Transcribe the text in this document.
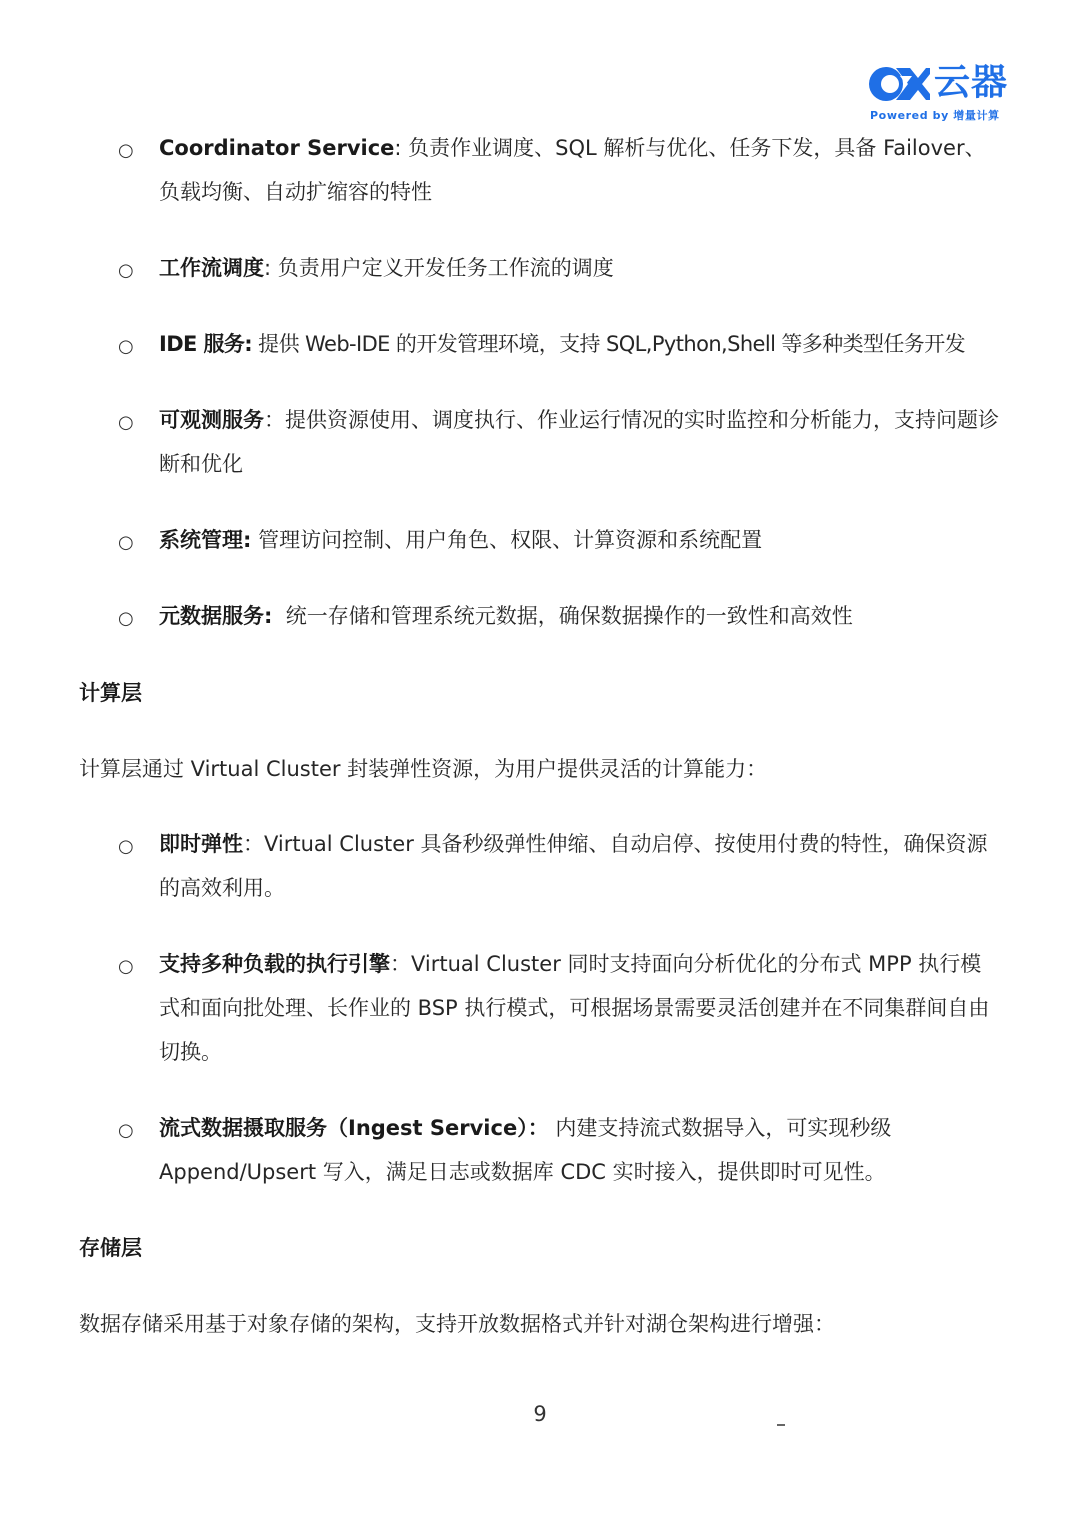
云器
Powered by 增量计算
○ Coordinator Service: 负责作业调度、SQL 解析与优化、任务下发，具备 Failover、负载均衡、自动扩缩容的特性
○ 工作流调度: 负责用户定义开发任务工作流的调度
○ IDE 服务: 提供 Web-IDE 的开发管理环境，支持 SQL,Python,Shell 等多种类型任务开发
○ 可观测服务：提供资源使用、调度执行、作业运行情况的实时监控和分析能力，支持问题诊断和优化
○ 系统管理: 管理访问控制、用户角色、权限、计算资源和系统配置
○ 元数据服务:  统一存储和管理系统元数据，确保数据操作的一致性和高效性
计算层
计算层通过 Virtual Cluster 封装弹性资源，为用户提供灵活的计算能力：
○ 即时弹性：Virtual Cluster 具备秒级弹性伸缩、自动启停、按使用付费的特性，确保资源的高效利用。
○ 支持多种负载的执行引擎：Virtual Cluster 同时支持面向分析优化的分布式 MPP 执行模式和面向批处理、长作业的 BSP 执行模式，可根据场景需要灵活创建并在不同集群间自由切换。
○ 流式数据摄取服务（Ingest Service）： 内建支持流式数据导入，可实现秒级 Append/Upsert 写入，满足日志或数据库 CDC 实时接入，提供即时可见性。
存储层
数据存储采用基于对象存储的架构，支持开放数据格式并针对湖仓架构进行增强：
9
